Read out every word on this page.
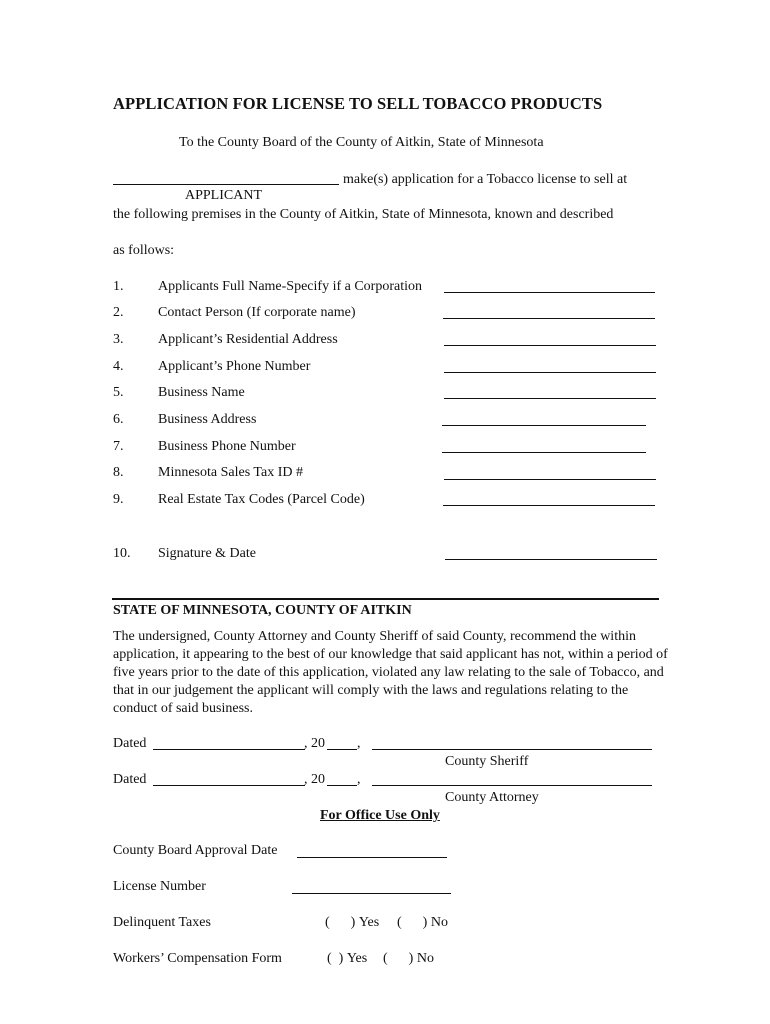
APPLICATION FOR LICENSE TO SELL TOBACCO PRODUCTS
To the County Board of the County of Aitkin, State of Minnesota
make(s) application for a Tobacco license to sell at
APPLICANT
the following premises in the County of Aitkin, State of Minnesota, known and described
as follows:
1. Applicants Full Name-Specify if a Corporation
2. Contact Person (If corporate name)
3. Applicant’s Residential Address
4. Applicant’s Phone Number
5. Business Name
6. Business Address
7. Business Phone Number
8. Minnesota Sales Tax ID #
9. Real Estate Tax Codes (Parcel Code)
10. Signature & Date
STATE OF MINNESOTA, COUNTY OF AITKIN
The undersigned, County Attorney and County Sheriff of said County, recommend the within application, it appearing to the best of our knowledge that said applicant has not, within a period of five years prior to the date of this application, violated any law relating to the sale of Tobacco, and that in our judgement the applicant will comply with the laws and regulations relating to the conduct of said business.
Dated	, 20 ,
County Sheriff
Dated	, 20 ,
County Attorney
For Office Use Only
County Board Approval Date
License Number
Delinquent Taxes	(      ) Yes (      ) No
Workers’ Compensation Form	(  ) Yes (      ) No
